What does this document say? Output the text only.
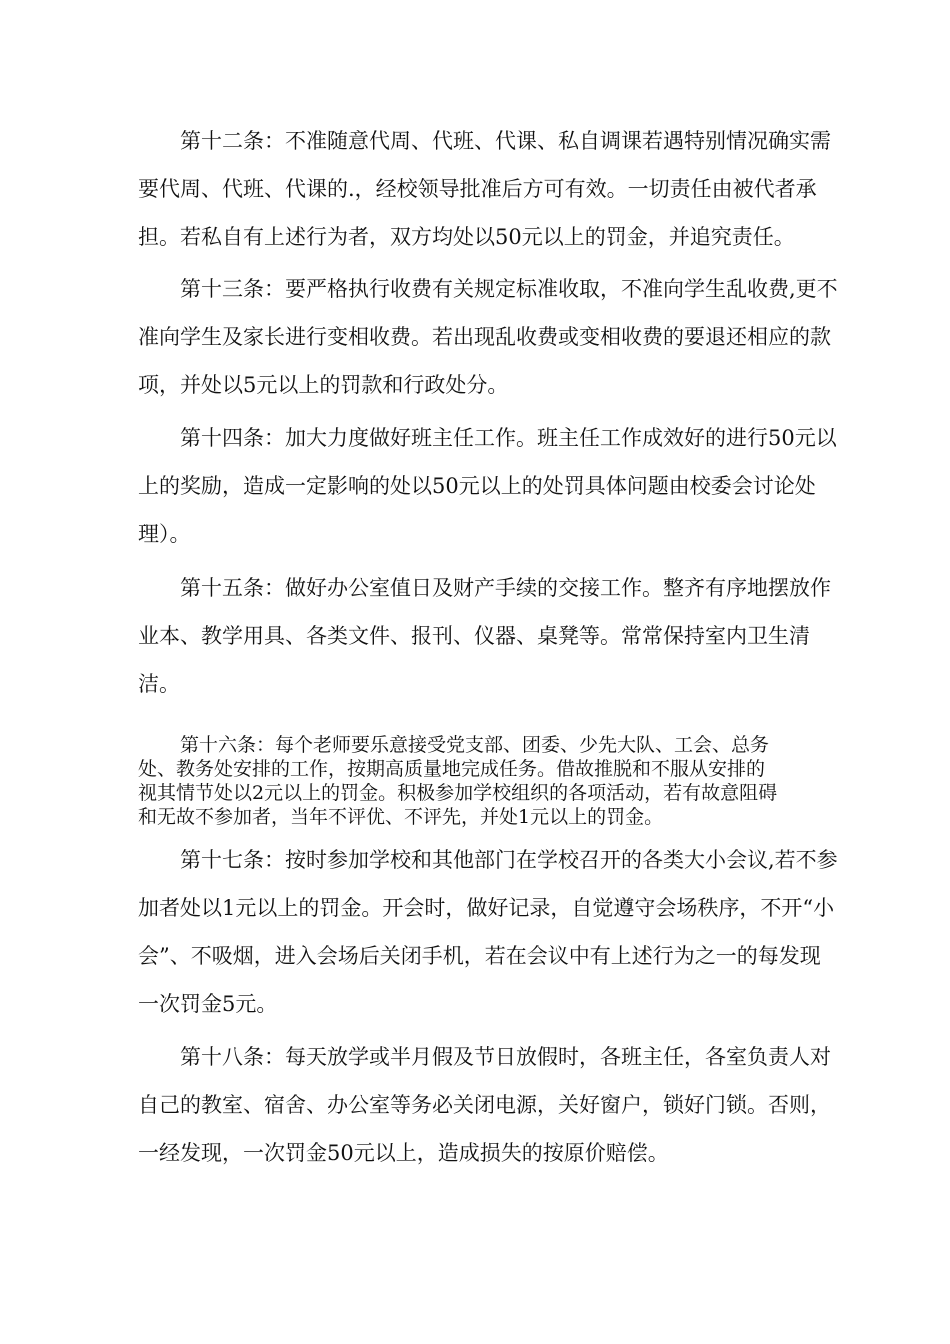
第十二条：不准随意代周、代班、代课、私自调课若遇特别情况确实需
要代周、代班、代课的.，经校领导批准后方可有效。一切责任由被代者承
担。若私自有上述行为者，双方均处以50元以上的罚金，并追究责任。
第十三条：要严格执行收费有关规定标准收取，不准向学生乱收费,更不
准向学生及家长进行变相收费。若出现乱收费或变相收费的要退还相应的款
项，并处以5元以上的罚款和行政处分。
第十四条：加大力度做好班主任工作。班主任工作成效好的进行50元以
上的奖励，造成一定影响的处以50元以上的处罚具体问题由校委会讨论处
理）。
第十五条：做好办公室值日及财产手续的交接工作。整齐有序地摆放作
业本、教学用具、各类文件、报刊、仪器、桌凳等。常常保持室内卫生清
洁。
第十六条：每个老师要乐意接受党支部、团委、少先大队、工会、总务
处、教务处安排的工作，按期高质量地完成任务。借故推脱和不服从安排的
视其情节处以2元以上的罚金。积极参加学校组织的各项活动，若有故意阻碍
和无故不参加者，当年不评优、不评先，并处1元以上的罚金。
第十七条：按时参加学校和其他部门在学校召开的各类大小会议,若不参
加者处以1元以上的罚金。开会时，做好记录，自觉遵守会场秩序，不开“小
会”、不吸烟，进入会场后关闭手机，若在会议中有上述行为之一的每发现
一次罚金5元。
第十八条：每天放学或半月假及节日放假时，各班主任，各室负责人对
自己的教室、宿舍、办公室等务必关闭电源，关好窗户，锁好门锁。否则，
一经发现，一次罚金50元以上，造成损失的按原价赔偿。
